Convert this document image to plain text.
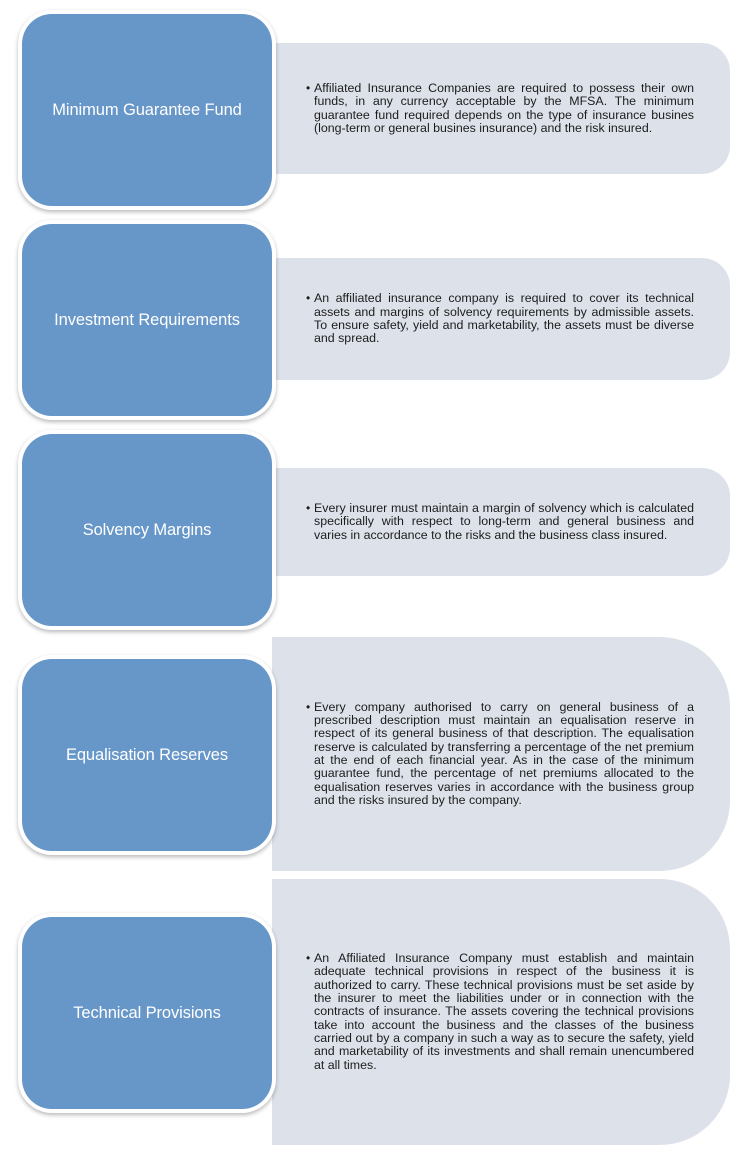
• Affiliated Insurance Companies are required to possess their own funds, in any currency acceptable by the MFSA. The minimum guarantee fund required depends on the type of insurance busines (long-term or general busines insurance) and the risk insured.
Minimum Guarantee Fund
• An affiliated insurance company is required to cover its technical assets and margins of solvency requirements by admissible assets. To ensure safety, yield and marketability, the assets must be diverse and spread.
Investment Requirements
• Every insurer must maintain a margin of solvency which is calculated specifically with respect to long-term and general business and varies in accordance to the risks and the business class insured.
Solvency Margins
• Every company authorised to carry on general business of a prescribed description must maintain an equalisation reserve in respect of its general business of that description. The equalisation reserve is calculated by transferring a percentage of the net premium at the end of each financial year. As in the case of the minimum guarantee fund, the percentage of net premiums allocated to the equalisation reserves varies in accordance with the business group and the risks insured by the company.
Equalisation Reserves
• An Affiliated Insurance Company must establish and maintain adequate technical provisions in respect of the business it is authorized to carry. These technical provisions must be set aside by the insurer to meet the liabilities under or in connection with the contracts of insurance. The assets covering the technical provisions take into account the business and the classes of the business carried out by a company in such a way as to secure the safety, yield and marketability of its investments and shall remain unencumbered at all times.
Technical Provisions
